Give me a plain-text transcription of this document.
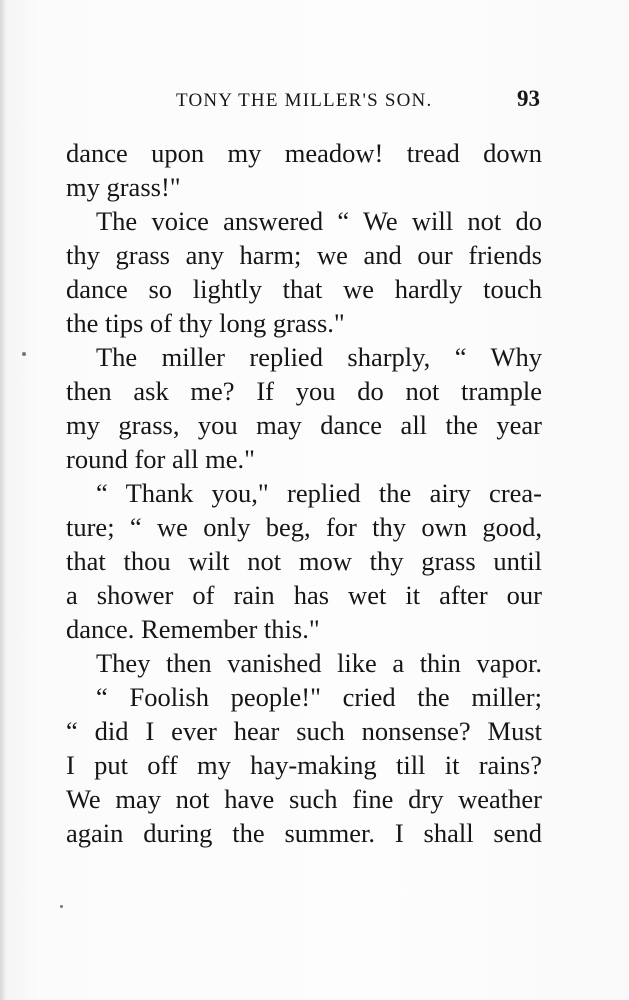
TONY THE MILLER'S SON.	93
dance upon my meadow! tread down
my grass!"
The voice answered “ We will not do
thy grass any harm; we and our friends
dance so lightly that we hardly touch
the tips of thy long grass."
The miller replied sharply, “ Why
then ask me? If you do not trample
my grass, you may dance all the year
round for all me."
“ Thank you," replied the airy crea-
ture; “ we only beg, for thy own good,
that thou wilt not mow thy grass until
a shower of rain has wet it after our
dance. Remember this."
They then vanished like a thin vapor.
“ Foolish people!" cried the miller;
“ did I ever hear such nonsense? Must
I put off my hay-making till it rains?
We may not have such fine dry weather
again during the summer. I shall send
